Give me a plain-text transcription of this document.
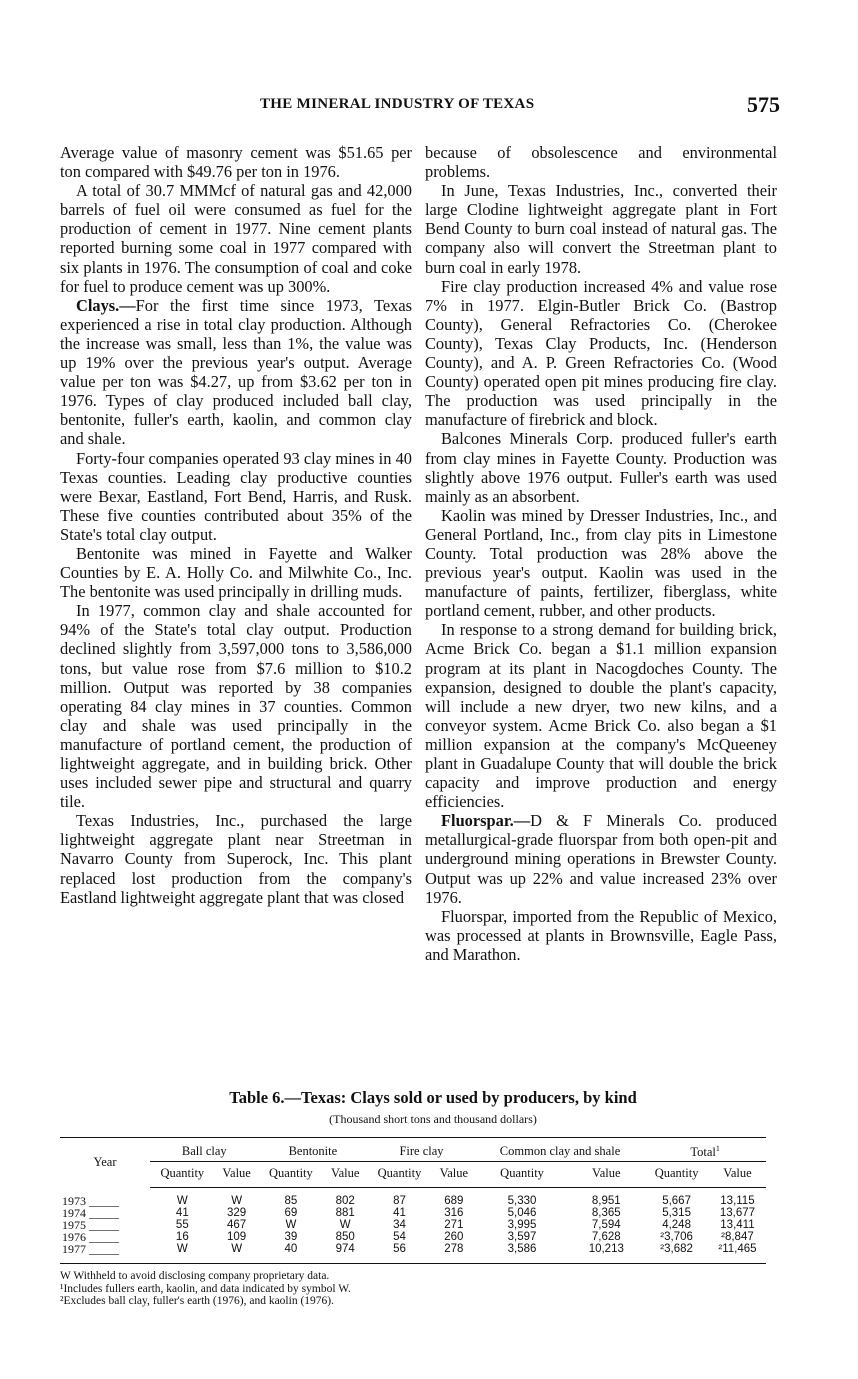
THE MINERAL INDUSTRY OF TEXAS	575

Average value of masonry cement was $51.65 per ton compared with $49.76 per ton in 1976.

A total of 30.7 MMMcf of natural gas and 42,000 barrels of fuel oil were consumed as fuel for the production of cement in 1977. Nine cement plants reported burning some coal in 1977 compared with six plants in 1976. The consumption of coal and coke for fuel to produce cement was up 300%.

Clays.—For the first time since 1973, Texas experienced a rise in total clay production. Although the increase was small, less than 1%, the value was up 19% over the previous year's output. Average value per ton was $4.27, up from $3.62 per ton in 1976. Types of clay produced included ball clay, bentonite, fuller's earth, kaolin, and common clay and shale.

Forty-four companies operated 93 clay mines in 40 Texas counties. Leading clay productive counties were Bexar, Eastland, Fort Bend, Harris, and Rusk. These five counties contributed about 35% of the State's total clay output.

Bentonite was mined in Fayette and Walker Counties by E. A. Holly Co. and Milwhite Co., Inc. The bentonite was used principally in drilling muds.

In 1977, common clay and shale accounted for 94% of the State's total clay output. Production declined slightly from 3,597,000 tons to 3,586,000 tons, but value rose from $7.6 million to $10.2 million. Output was reported by 38 companies operating 84 clay mines in 37 counties. Common clay and shale was used principally in the manufacture of portland cement, the production of lightweight aggregate, and in building brick. Other uses included sewer pipe and structural and quarry tile.

Texas Industries, Inc., purchased the large lightweight aggregate plant near Streetman in Navarro County from Superock, Inc. This plant replaced lost production from the company's Eastland lightweight aggregate plant that was closed

because of obsolescence and environmental problems.

In June, Texas Industries, Inc., converted their large Clodine lightweight aggregate plant in Fort Bend County to burn coal instead of natural gas. The company also will convert the Streetman plant to burn coal in early 1978.

Fire clay production increased 4% and value rose 7% in 1977. Elgin-Butler Brick Co. (Bastrop County), General Refractories Co. (Cherokee County), Texas Clay Products, Inc. (Henderson County), and A. P. Green Refractories Co. (Wood County) operated open pit mines producing fire clay. The production was used principally in the manufacture of firebrick and block.

Balcones Minerals Corp. produced fuller's earth from clay mines in Fayette County. Production was slightly above 1976 output. Fuller's earth was used mainly as an absorbent.

Kaolin was mined by Dresser Industries, Inc., and General Portland, Inc., from clay pits in Limestone County. Total production was 28% above the previous year's output. Kaolin was used in the manufacture of paints, fertilizer, fiberglass, white portland cement, rubber, and other products.

In response to a strong demand for building brick, Acme Brick Co. began a $1.1 million expansion program at its plant in Nacogdoches County. The expansion, designed to double the plant's capacity, will include a new dryer, two new kilns, and a conveyor system. Acme Brick Co. also began a $1 million expansion at the company's McQueeney plant in Guadalupe County that will double the brick capacity and improve production and energy efficiencies.

Fluorspar.—D & F Minerals Co. produced metallurgical-grade fluorspar from both open-pit and underground mining operations in Brewster County. Output was up 22% and value increased 23% over 1976.

Fluorspar, imported from the Republic of Mexico, was processed at plants in Brownsville, Eagle Pass, and Marathon.

Table 6.—Texas: Clays sold or used by producers, by kind
(Thousand short tons and thousand dollars)
Year	Ball clay		Bentonite		Fire clay		Common clay and shale		Total$^1$
	Quantity	Value	Quantity	Value	Quantity	Value	Quantity	Value	Quantity	Value
1973 _____	W	W	85	802	87	689	5,330	8,951	5,667	13,115
1974 _____	41	329	69	881	41	316	5,046	8,365	5,315	13,677
1975 _____	55	467	W	W	34	271	3,995	7,594	4,248	13,411
1976 _____	16	109	39	850	54	260	3,597	7,628	²3,706	²8,847
1977 _____	W	W	40	974	56	278	3,586	10,213	²3,682	²11,465
W Withheld to avoid disclosing company proprietary data.
¹Includes fullers earth, kaolin, and data indicated by symbol W.
²Excludes ball clay, fuller's earth (1976), and kaolin (1976).
